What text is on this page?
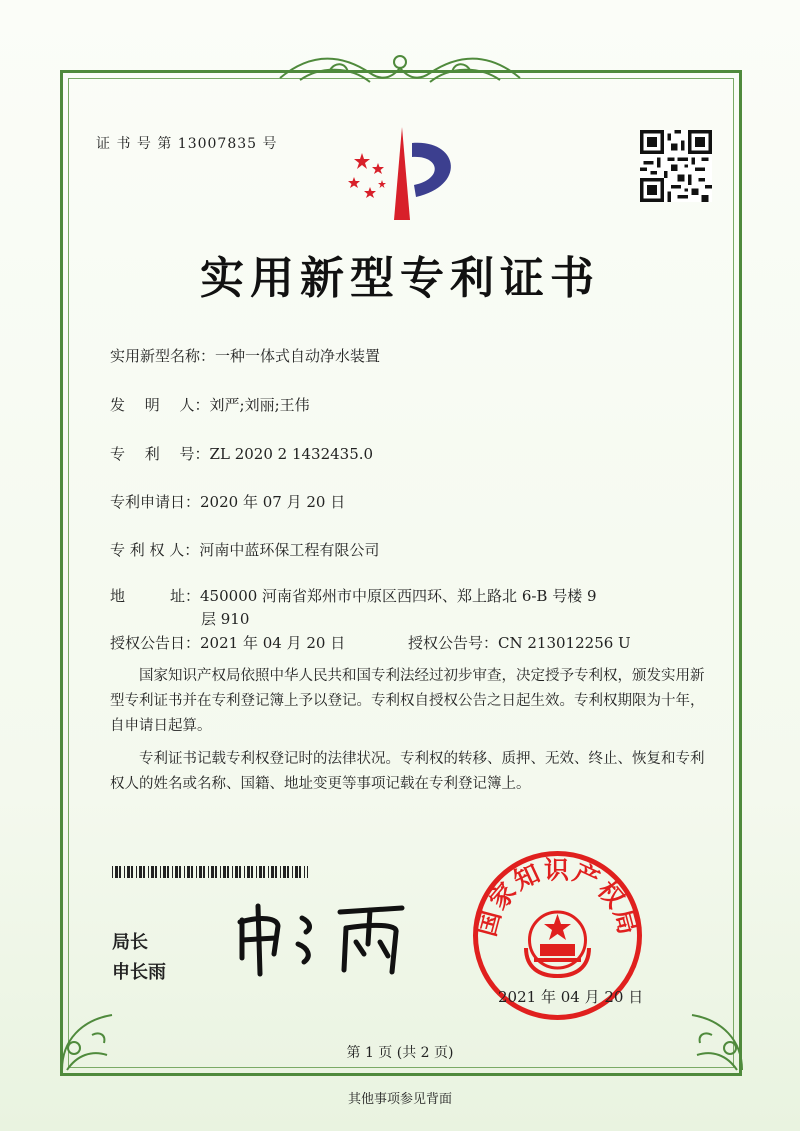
证 书 号 第 13007835 号
实用新型专利证书
实用新型名称：一种一体式自动净水装置
发　 明　 人：刘严;刘丽;王伟
专　 利　 号：ZL 2020 2 1432435.0
专利申请日：2020 年 07 月 20 日
专 利 权 人：河南中蓝环保工程有限公司
地　　　址：450000 河南省郑州市中原区西四环、郑上路北 6-B 号楼 9
层 910
授权公告日：2021 年 04 月 20 日	授权公告号：CN 213012256 U

国家知识产权局依照中华人民共和国专利法经过初步审查，决定授予专利权，颁发实用新型专利证书并在专利登记簿上予以登记。专利权自授权公告之日起生效。专利权期限为十年，自申请日起算。

专利证书记载专利权登记时的法律状况。专利权的转移、质押、无效、终止、恢复和专利权人的姓名或名称、国籍、地址变更等事项记载在专利登记簿上。

局长
申长雨
国家知识产权局
2021 年 04 月 20 日
第 1 页 (共 2 页)
其他事项参见背面
